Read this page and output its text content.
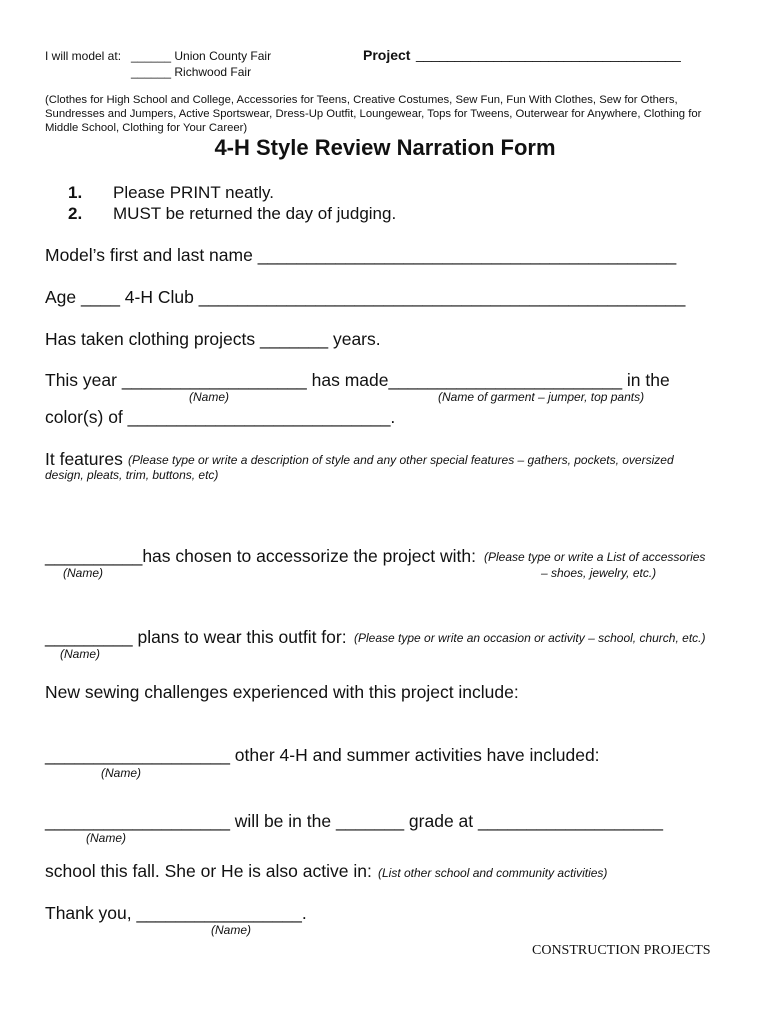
I will model at: ______ Union County Fair
______ Richwood Fair
Project __________________________________
(Clothes for High School and College, Accessories for Teens, Creative Costumes, Sew Fun, Fun With Clothes, Sew for Others,
Sundresses and Jumpers, Active Sportswear, Dress-Up Outfit, Loungewear, Tops for Tweens, Outerwear for Anywhere, Clothing for
Middle School, Clothing for Your Career)
4-H Style Review Narration Form
1. Please PRINT neatly.
2. MUST be returned the day of judging.
Model’s first and last name ___________________________________________
Age ____ 4-H Club __________________________________________________
Has taken clothing projects _______ years.
This year ___________________ has made________________________ in the
(Name)	(Name of garment – jumper, top pants)
color(s) of ___________________________.
It features (Please type or write a description of style and any other special features – gathers, pockets, oversized
design, pleats, trim, buttons, etc)
__________has chosen to accessorize the project with: (Please type or write a List of accessories
– shoes, jewelry, etc.)
(Name)
_________ plans to wear this outfit for: (Please type or write an occasion or activity – school, church, etc.)
(Name)
New sewing challenges experienced with this project include:
___________________ other 4-H and summer activities have included:
(Name)
___________________ will be in the _______ grade at ___________________
(Name)
school this fall. She or He is also active in: (List other school and community activities)
Thank you, _________________.
(Name)
CONSTRUCTION PROJECTS
